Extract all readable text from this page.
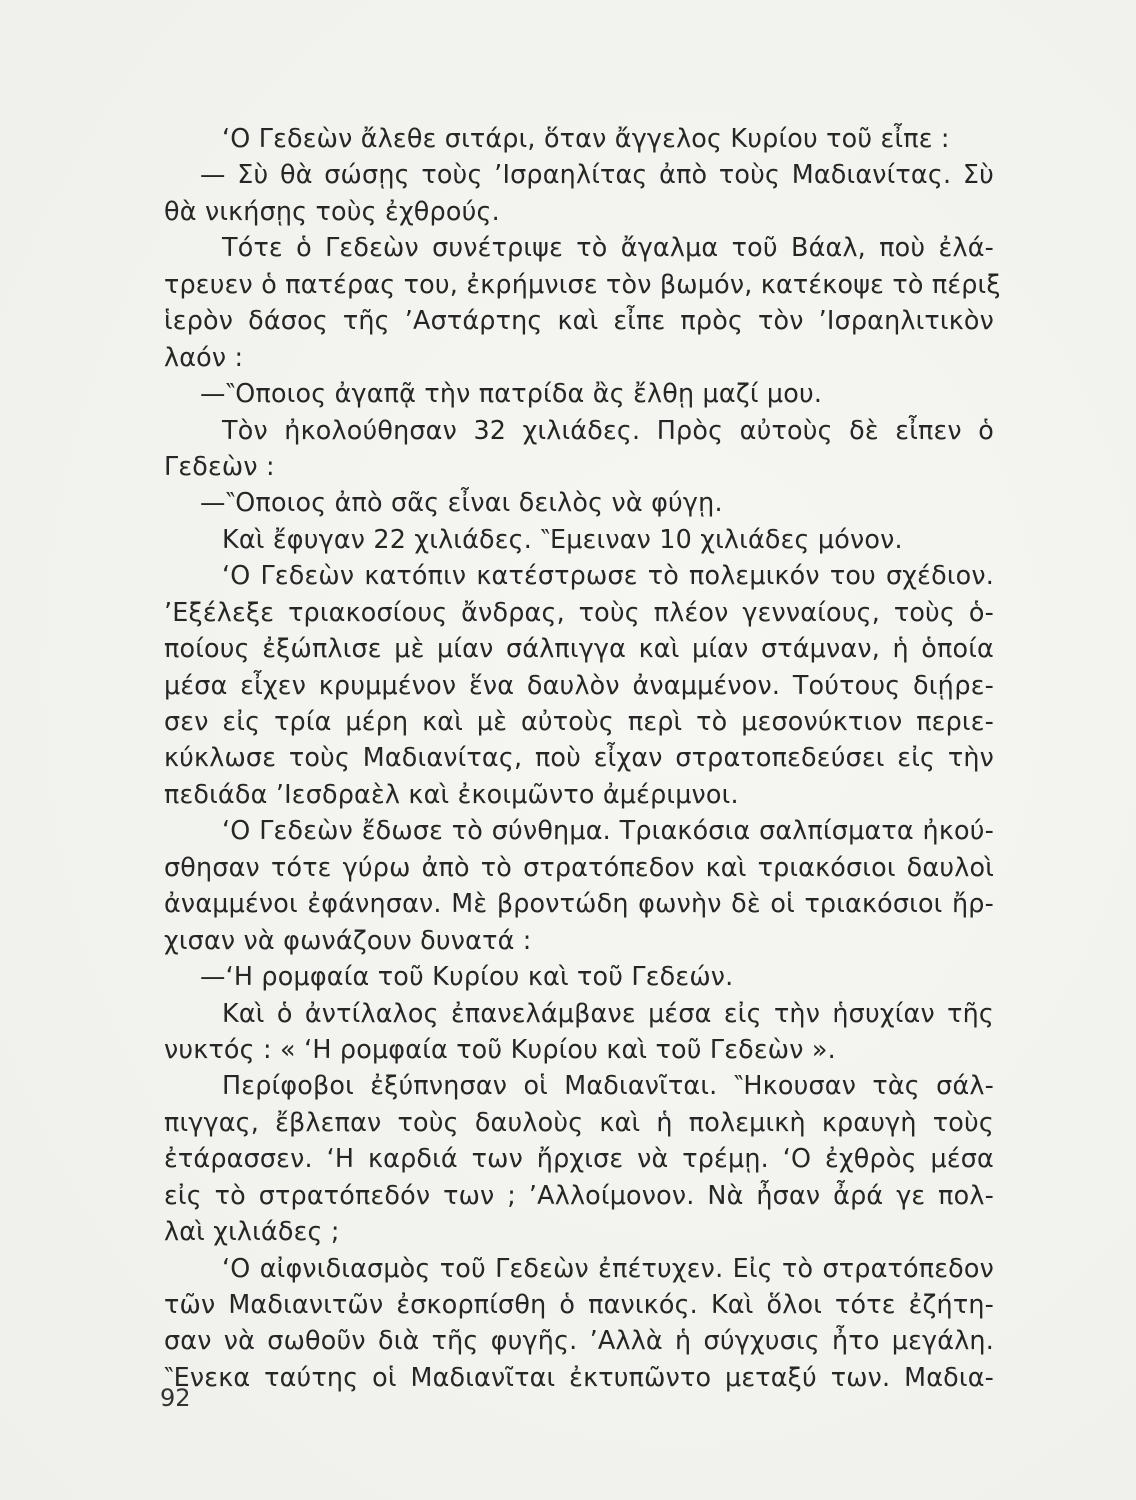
‘Ο Γεδεὼν ἄλεθε σιτάρι, ὅταν ἄγγελος Κυρίου τοῦ εἶπε :
— Σὺ θὰ σώσῃς τοὺς ’Ισραηλίτας ἀπὸ τοὺς Μαδιανίτας. Σὺ
θὰ νικήσῃς τοὺς ἐχθρούς.
Τότε ὁ Γεδεὼν συνέτριψε τὸ ἄγαλμα τοῦ Βάαλ, ποὺ ἐλά-
τρευεν ὁ πατέρας του, ἐκρήμνισε τὸν βωμόν, κατέκοψε τὸ πέριξ
ἱερὸν δάσος τῆς ’Αστάρτης καὶ εἶπε πρὸς τὸν ’Ισραηλιτικὸν
λαόν :
—‶Οποιος ἀγαπᾷ τὴν πατρίδα ἂς ἔλθῃ μαζί μου.
Τὸν ἠκολούθησαν 32 χιλιάδες. Πρὸς αὐτοὺς δὲ εἶπεν ὁ
Γεδεὼν :
—‶Οποιος ἀπὸ σᾶς εἶναι δειλὸς νὰ φύγῃ.
Καὶ ἔφυγαν 22 χιλιάδες. ‶Εμειναν 10 χιλιάδες μόνον.
‘Ο Γεδεὼν κατόπιν κατέστρωσε τὸ πολεμικόν του σχέδιον.
’Εξέλεξε τριακοσίους ἄνδρας, τοὺς πλέον γενναίους, τοὺς ὁ-
ποίους ἐξώπλισε μὲ μίαν σάλπιγγα καὶ μίαν στάμναν, ἡ ὁποία
μέσα εἶχεν κρυμμένον ἕνα δαυλὸν ἀναμμένον. Τούτους διῄρε-
σεν εἰς τρία μέρη καὶ μὲ αὐτοὺς περὶ τὸ μεσονύκτιον περιε-
κύκλωσε τοὺς Μαδιανίτας, ποὺ εἶχαν στρατοπεδεύσει εἰς τὴν
πεδιάδα ’Ιεσδραὲλ καὶ ἐκοιμῶντο ἀμέριμνοι.
‘Ο Γεδεὼν ἔδωσε τὸ σύνθημα. Τριακόσια σαλπίσματα ἠκού-
σθησαν τότε γύρω ἀπὸ τὸ στρατόπεδον καὶ τριακόσιοι δαυλοὶ
ἀναμμένοι ἐφάνησαν. Μὲ βροντώδη φωνὴν δὲ οἱ τριακόσιοι ἤρ-
χισαν νὰ φωνάζουν δυνατά :
—‘Η ρομφαία τοῦ Κυρίου καὶ τοῦ Γεδεών.
Καὶ ὁ ἀντίλαλος ἐπανελάμβανε μέσα εἰς τὴν ἡσυχίαν τῆς
νυκτός : « ‘Η ρομφαία τοῦ Κυρίου καὶ τοῦ Γεδεὼν ».
Περίφοβοι ἐξύπνησαν οἱ Μαδιανῖται. ‶Ηκουσαν τὰς σάλ-
πιγγας, ἔβλεπαν τοὺς δαυλοὺς καὶ ἡ πολεμικὴ κραυγὴ τοὺς
ἐτάρασσεν. ‘Η καρδιά των ἤρχισε νὰ τρέμῃ. ‘Ο ἐχθρὸς μέσα
εἰς τὸ στρατόπεδόν των ; ’Αλλοίμονον. Νὰ ἦσαν ἆρά γε πολ-
λαὶ χιλιάδες ;
‘Ο αἰφνιδιασμὸς τοῦ Γεδεὼν ἐπέτυχεν. Εἰς τὸ στρατόπεδον
τῶν Μαδιανιτῶν ἐσκορπίσθη ὁ πανικός. Καὶ ὅλοι τότε ἐζήτη-
σαν νὰ σωθοῦν διὰ τῆς φυγῆς. ’Αλλὰ ἡ σύγχυσις ἦτο μεγάλη.
‶Ενεκα ταύτης οἱ Μαδιανῖται ἐκτυπῶντο μεταξύ των. Μαδια-
92
